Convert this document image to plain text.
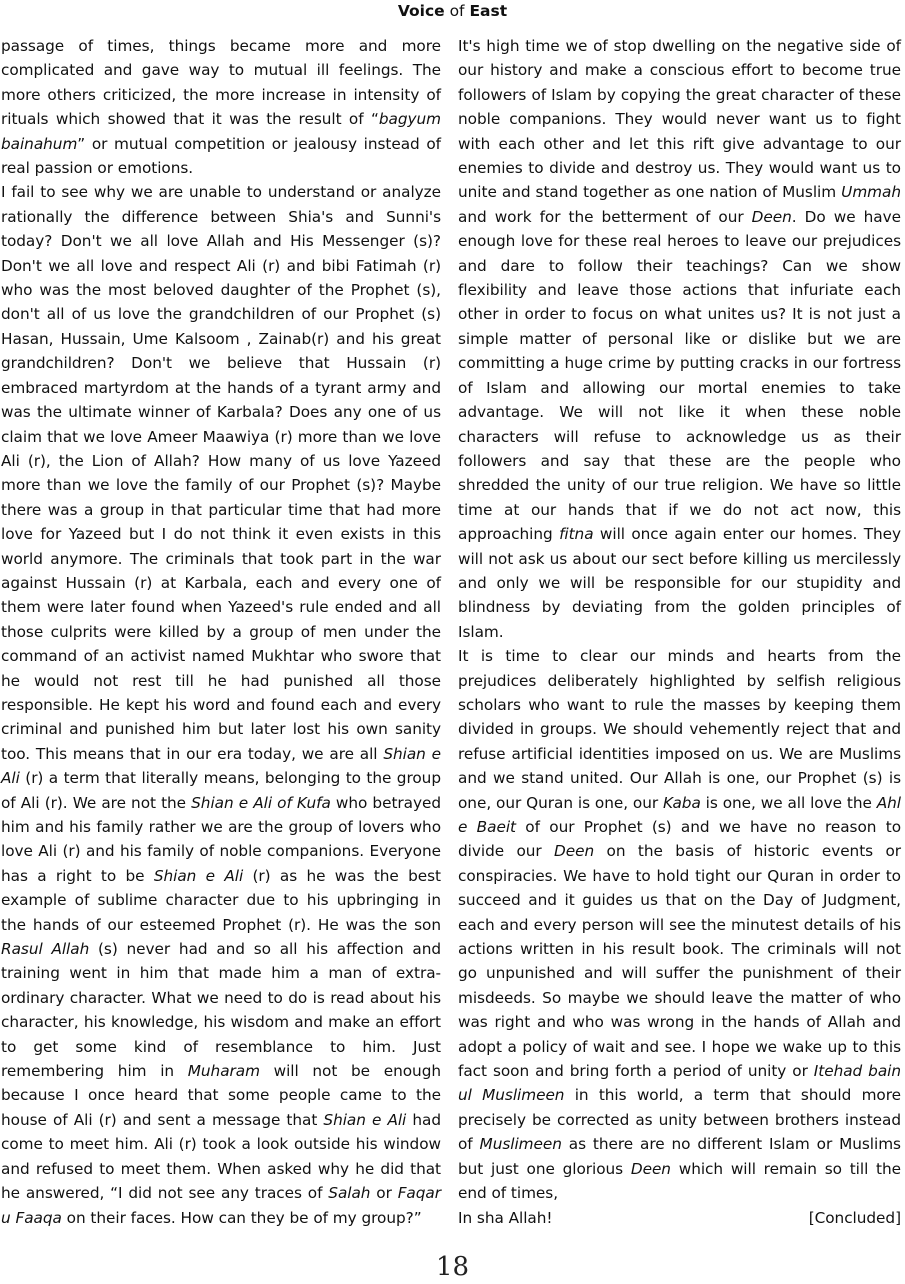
Voice of East

passage of times, things became more and more complicated and gave way to mutual ill feelings. The more others criticized, the more increase in intensity of rituals which showed that it was the result of “bagyum bainahum” or mutual competition or jealousy instead of real passion or emotions.

I fail to see why we are unable to understand or analyze rationally the difference between Shia's and Sunni's today? Don't we all love Allah and His Messenger (s)? Don't we all love and respect Ali (r) and bibi Fatimah (r) who was the most beloved daughter of the Prophet (s), don't all of us love the grandchildren of our Prophet (s) Hasan, Hussain, Ume Kalsoom , Zainab(r) and his great grandchildren? Don't we believe that Hussain (r) embraced martyrdom at the hands of a tyrant army and was the ultimate winner of Karbala? Does any one of us claim that we love Ameer Maawiya (r) more than we love Ali (r), the Lion of Allah? How many of us love Yazeed more than we love the family of our Prophet (s)? Maybe there was a group in that particular time that had more love for Yazeed but I do not think it even exists in this world anymore. The criminals that took part in the war against Hussain (r) at Karbala, each and every one of them were later found when Yazeed's rule ended and all those culprits were killed by a group of men under the command of an activist named Mukhtar who swore that he would not rest till he had punished all those responsible. He kept his word and found each and every criminal and punished him but later lost his own sanity too. This means that in our era today, we are all Shian e Ali (r) a term that literally means, belonging to the group of Ali (r). We are not the Shian e Ali of Kufa who betrayed him and his family rather we are the group of lovers who love Ali (r) and his family of noble companions. Everyone has a right to be Shian e Ali (r) as he was the best example of sublime character due to his upbringing in the hands of our esteemed Prophet (r). He was the son Rasul Allah (s) never had and so all his affection and training went in him that made him a man of extra-ordinary character. What we need to do is read about his character, his knowledge, his wisdom and make an effort to get some kind of resemblance to him. Just remembering him in Muharam will not be enough because I once heard that some people came to the house of Ali (r) and sent a message that Shian e Ali had come to meet him. Ali (r) took a look outside his window and refused to meet them. When asked why he did that he answered, “I did not see any traces of Salah or Faqar u Faaqa on their faces. How can they be of my group?”

It's high time we of stop dwelling on the negative side of our history and make a conscious effort to become true followers of Islam by copying the great character of these noble companions. They would never want us to fight with each other and let this rift give advantage to our enemies to divide and destroy us. They would want us to unite and stand together as one nation of Muslim Ummah and work for the betterment of our Deen. Do we have enough love for these real heroes to leave our prejudices and dare to follow their teachings? Can we show flexibility and leave those actions that infuriate each other in order to focus on what unites us? It is not just a simple matter of personal like or dislike but we are committing a huge crime by putting cracks in our fortress of Islam and allowing our mortal enemies to take advantage. We will not like it when these noble characters will refuse to acknowledge us as their followers and say that these are the people who shredded the unity of our true religion. We have so little time at our hands that if we do not act now, this approaching fitna will once again enter our homes. They will not ask us about our sect before killing us mercilessly and only we will be responsible for our stupidity and blindness by deviating from the golden principles of Islam.

It is time to clear our minds and hearts from the prejudices deliberately highlighted by selfish religious scholars who want to rule the masses by keeping them divided in groups. We should vehemently reject that and refuse artificial identities imposed on us. We are Muslims and we stand united. Our Allah is one, our Prophet (s) is one, our Quran is one, our Kaba is one, we all love the Ahl e Baeit of our Prophet (s) and we have no reason to divide our Deen on the basis of historic events or conspiracies. We have to hold tight our Quran in order to succeed and it guides us that on the Day of Judgment, each and every person will see the minutest details of his actions written in his result book. The criminals will not go unpunished and will suffer the punishment of their misdeeds. So maybe we should leave the matter of who was right and who was wrong in the hands of Allah and adopt a policy of wait and see. I hope we wake up to this fact soon and bring forth a period of unity or Itehad bain ul Muslimeen in this world, a term that should more precisely be corrected as unity between brothers instead of Muslimeen as there are no different Islam or Muslims but just one glorious Deen which will remain so till the end of times,

In sha Allah!	[Concluded]
18
